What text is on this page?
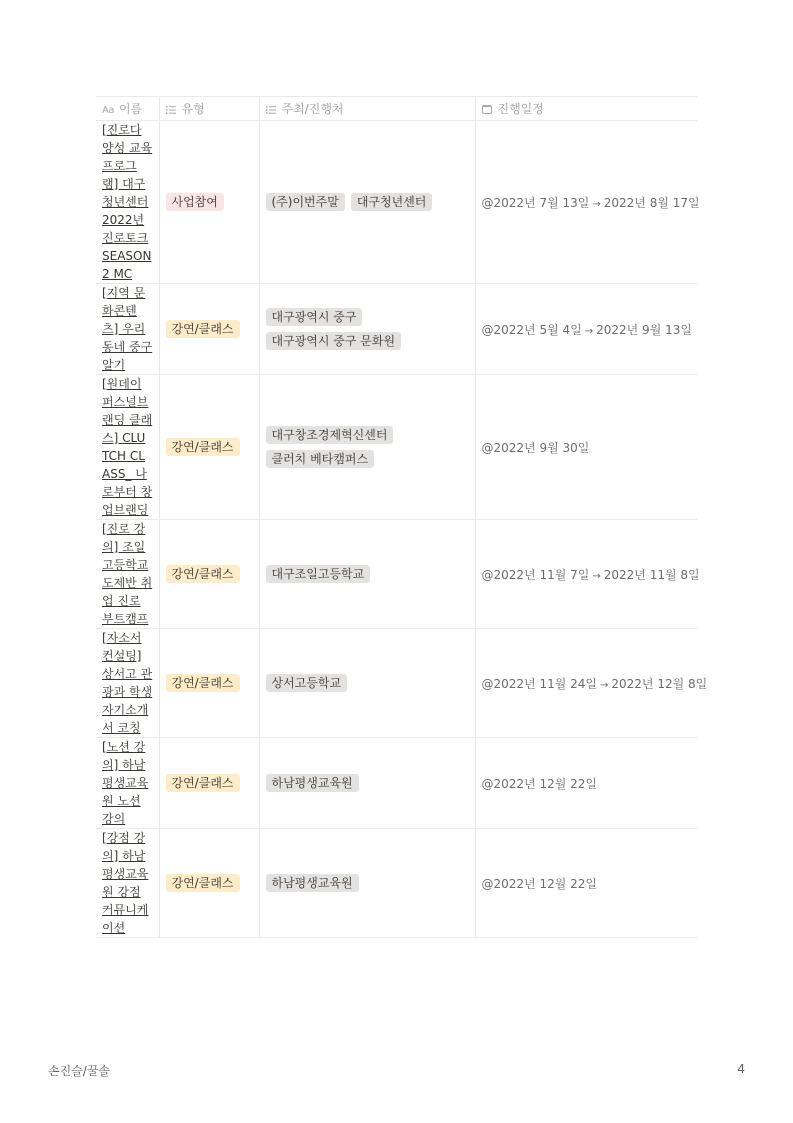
Aa 이름	유형	주최/진행처	진행일정
[진로다양성 교육 프로그램] 대구청년센터 2022년 진로토크 SEASON 2 MC	사업참여	(주)이번주말 대구청년센터	@2022년 7월 13일 → 2022년 8월 17일
[지역 문화콘텐츠] 우리동네 중구알기	강연/클래스	대구광역시 중구대구광역시 중구 문화원	@2022년 5월 4일 → 2022년 9월 13일
[원데이 퍼스널브랜딩 클래스] CLUTCH CLASS_ 나로부터 창업브랜딩	강연/클래스	대구창조경제혁신센터클러치 베타캠퍼스	@2022년 9월 30일
[진로 강의] 조일고등학교 도제반 취업 진로 부트캠프	강연/클래스	대구조일고등학교	@2022년 11월 7일 → 2022년 11월 8일
[자소서 컨설팅] 상서고 관광과 학생 자기소개서 코칭	강연/클래스	상서고등학교	@2022년 11월 24일 → 2022년 12월 8일
[노션 강의] 하남 평생교육원 노션 강의	강연/클래스	하남평생교육원	@2022년 12월 22일
[강점 강의] 하남 평생교육원 강점 커뮤니케이션	강연/클래스	하남평생교육원	@2022년 12월 22일
손진슬/꿀솔	4
